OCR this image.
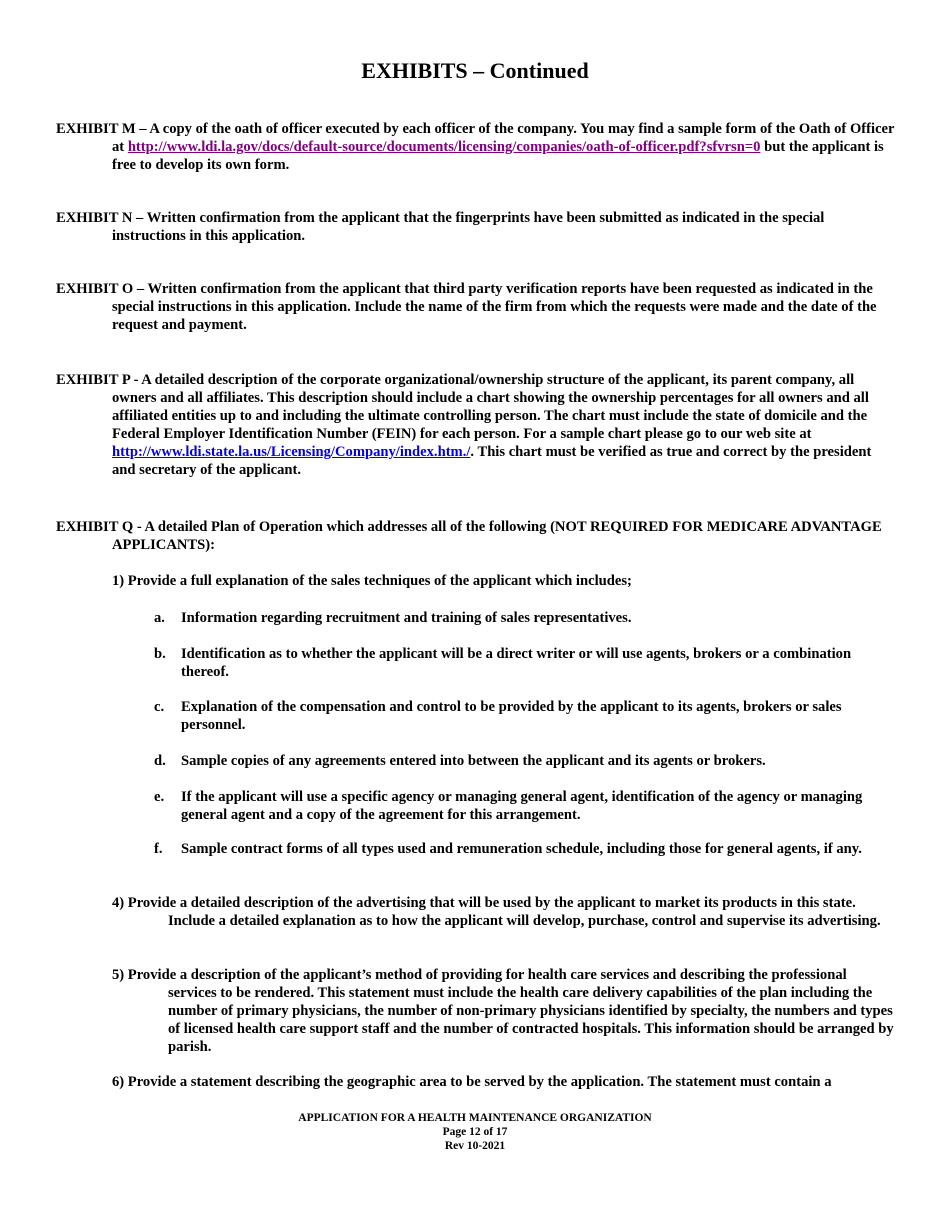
EXHIBITS – Continued
EXHIBIT M – A copy of the oath of officer executed by each officer of the company. You may find a sample form of the Oath of Officer at http://www.ldi.la.gov/docs/default-source/documents/licensing/companies/oath-of-officer.pdf?sfvrsn=0 but the applicant is free to develop its own form.
EXHIBIT N – Written confirmation from the applicant that the fingerprints have been submitted as indicated in the special instructions in this application.
EXHIBIT O – Written confirmation from the applicant that third party verification reports have been requested as indicated in the special instructions in this application. Include the name of the firm from which the requests were made and the date of the request and payment.
EXHIBIT P - A detailed description of the corporate organizational/ownership structure of the applicant, its parent company, all owners and all affiliates. This description should include a chart showing the ownership percentages for all owners and all affiliated entities up to and including the ultimate controlling person. The chart must include the state of domicile and the Federal Employer Identification Number (FEIN) for each person. For a sample chart please go to our web site at http://www.ldi.state.la.us/Licensing/Company/index.htm./. This chart must be verified as true and correct by the president and secretary of the applicant.
EXHIBIT Q - A detailed Plan of Operation which addresses all of the following (NOT REQUIRED FOR MEDICARE ADVANTAGE APPLICANTS):
1) Provide a full explanation of the sales techniques of the applicant which includes;
a. Information regarding recruitment and training of sales representatives.
b. Identification as to whether the applicant will be a direct writer or will use agents, brokers or a combination thereof.
c. Explanation of the compensation and control to be provided by the applicant to its agents, brokers or sales personnel.
d. Sample copies of any agreements entered into between the applicant and its agents or brokers.
e. If the applicant will use a specific agency or managing general agent, identification of the agency or managing general agent and a copy of the agreement for this arrangement.
f. Sample contract forms of all types used and remuneration schedule, including those for general agents, if any.
4) Provide a detailed description of the advertising that will be used by the applicant to market its products in this state. Include a detailed explanation as to how the applicant will develop, purchase, control and supervise its advertising.
5) Provide a description of the applicant’s method of providing for health care services and describing the professional services to be rendered. This statement must include the health care delivery capabilities of the plan including the number of primary physicians, the number of non-primary physicians identified by specialty, the numbers and types of licensed health care support staff and the number of contracted hospitals. This information should be arranged by parish.
6) Provide a statement describing the geographic area to be served by the application. The statement must contain a
APPLICATION FOR A HEALTH MAINTENANCE ORGANIZATION
Page 12 of 17
Rev 10-2021
